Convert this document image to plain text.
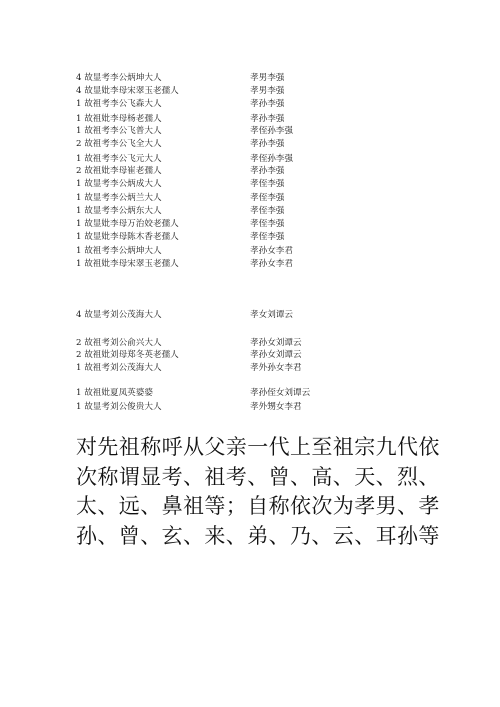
4 故显考李公炳坤大人	孝男李强
4 故显妣李母宋翠玉老孺人	孝男李强
1 故祖考李公飞森大人	孝孙李强
1 故祖妣李母杨老孺人	孝孙李强
1 故祖考李公飞普大人	孝侄孙李强
2 故祖考李公飞全大人	孝孙李强
1 故祖考李公飞元大人	孝侄孙李强
2 故祖妣李母崔老孺人	孝孙李强
1 故显考李公炳成大人	孝侄李强
1 故显考李公炳兰大人	孝侄李强
1 故显考李公炳东大人	孝侄李强
1 故显妣李母万治姣老孺人	孝侄李强
1 故显妣李母陈木香老孺人	孝侄李强
1 故祖考李公炳坤大人	孝孙女李君
1 故祖妣李母宋翠玉老孺人	孝孙女李君
4 故显考刘公茂海大人	孝女刘谭云
2 故祖考刘公俞兴大人	孝孙女刘谭云
2 故祖妣刘母郑冬英老孺人	孝孙女刘谭云
1 故祖考刘公茂海大人	孝外孙女李君
1 故祖妣夏凤英婆婆	孝孙侄女刘谭云
1 故显考刘公俊贵大人	孝外甥女李君
对先祖称呼从父亲一代上至祖宗九代依
次称谓显考、祖考、曾、高、天、烈、
太、远、鼻祖等；自称依次为孝男、孝
孙、曾、玄、来、弟、乃、云、耳孙等
